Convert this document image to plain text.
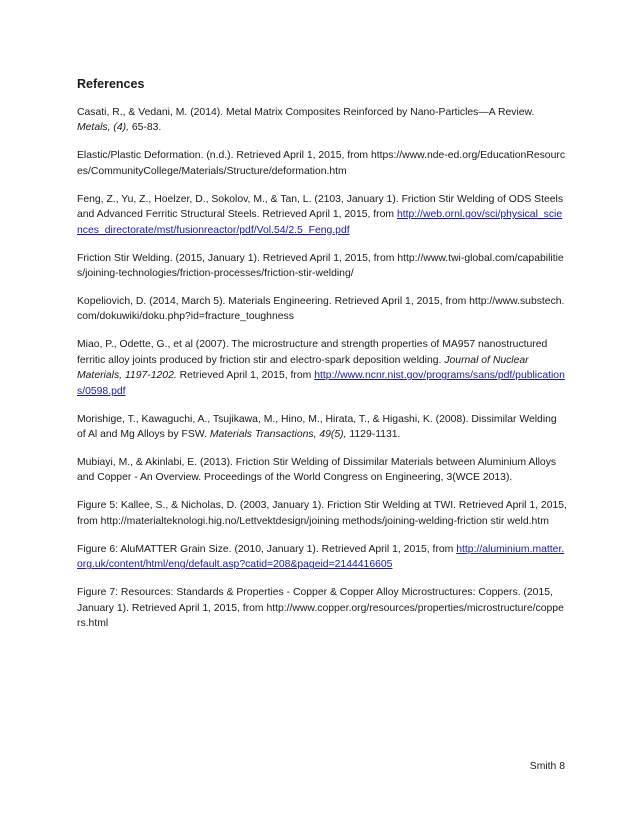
References
Casati, R., & Vedani, M. (2014). Metal Matrix Composites Reinforced by Nano-Particles—A Review. Metals, (4), 65-83.
Elastic/Plastic Deformation. (n.d.). Retrieved April 1, 2015, from https://www.nde-ed.org/EducationResources/CommunityCollege/Materials/Structure/deformation.htm
Feng, Z., Yu, Z., Hoelzer, D., Sokolov, M., & Tan, L. (2103, January 1). Friction Stir Welding of ODS Steels and Advanced Ferritic Structural Steels. Retrieved April 1, 2015, from http://web.ornl.gov/sci/physical_sciences_directorate/mst/fusionreactor/pdf/Vol.54/2.5_Feng.pdf
Friction Stir Welding. (2015, January 1). Retrieved April 1, 2015, from http://www.twi-global.com/capabilities/joining-technologies/friction-processes/friction-stir-welding/
Kopeliovich, D. (2014, March 5). Materials Engineering. Retrieved April 1, 2015, from http://www.substech.com/dokuwiki/doku.php?id=fracture_toughness
Miao, P., Odette, G., et al (2007). The microstructure and strength properties of MA957 nanostructured ferritic alloy joints produced by friction stir and electro-spark deposition welding. Journal of Nuclear Materials, 1197-1202. Retrieved April 1, 2015, from http://www.ncnr.nist.gov/programs/sans/pdf/publications/0598.pdf
Morishige, T., Kawaguchi, A., Tsujikawa, M., Hino, M., Hirata, T., & Higashi, K. (2008). Dissimilar Welding of Al and Mg Alloys by FSW. Materials Transactions, 49(5), 1129-1131.
Mubiayi, M., & Akinlabi, E. (2013). Friction Stir Welding of Dissimilar Materials between Aluminium Alloys and Copper - An Overview. Proceedings of the World Congress on Engineering, 3(WCE 2013).
Figure 5: Kallee, S., & Nicholas, D. (2003, January 1). Friction Stir Welding at TWI. Retrieved April 1, 2015, from http://materialteknologi.hig.no/Lettvektdesign/joining methods/joining-welding-friction stir weld.htm
Figure 6: AluMATTER Grain Size. (2010, January 1). Retrieved April 1, 2015, from http://aluminium.matter.org.uk/content/html/eng/default.asp?catid=208&pageid=2144416605
Figure 7: Resources: Standards & Properties - Copper & Copper Alloy Microstructures: Coppers. (2015, January 1). Retrieved April 1, 2015, from http://www.copper.org/resources/properties/microstructure/coppers.html
Smith 8
